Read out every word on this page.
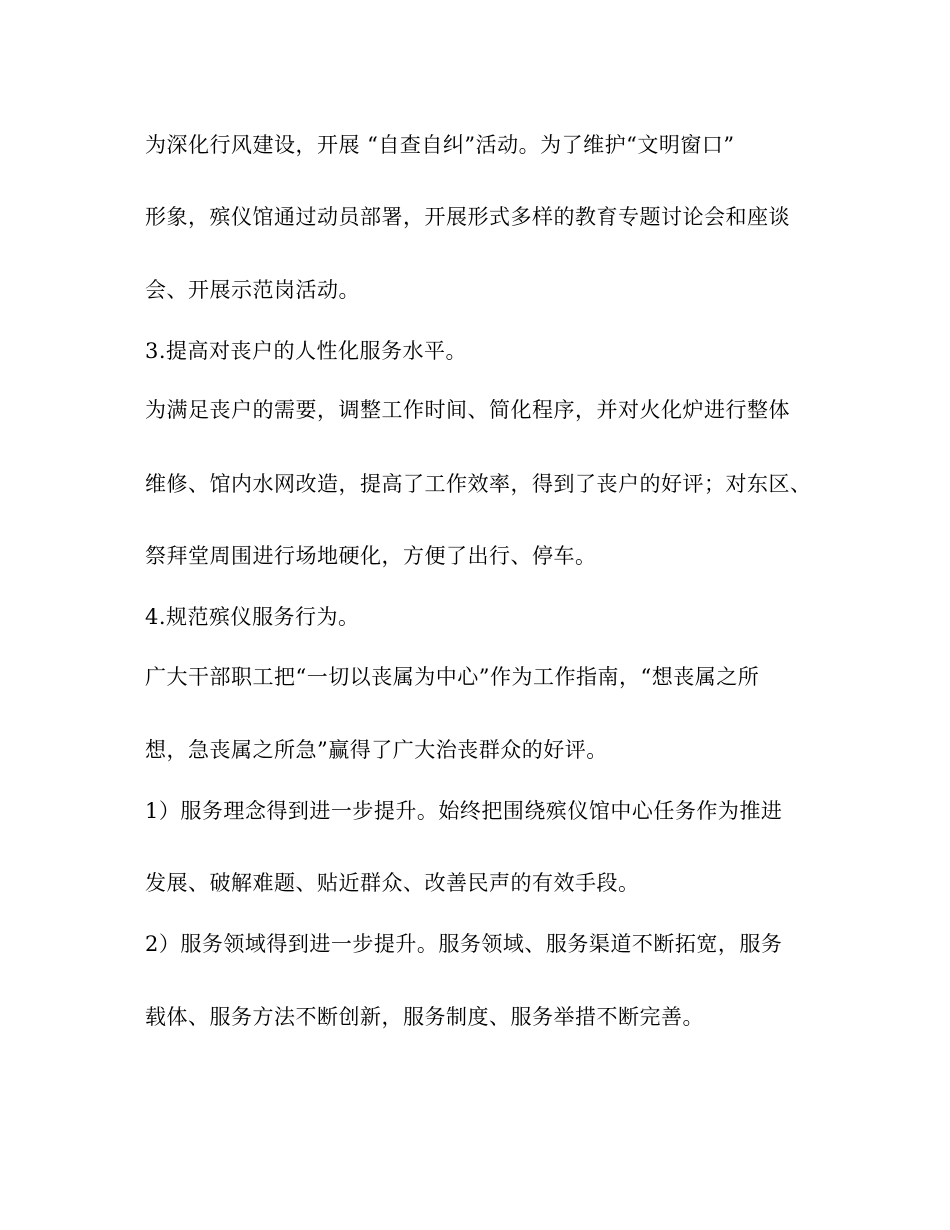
为深化行风建设，开展 “自查自纠”活动。为了维护“文明窗口”
形象，殡仪馆通过动员部署，开展形式多样的教育专题讨论会和座谈
会、开展示范岗活动。
3.提高对丧户的人性化服务水平。
为满足丧户的需要，调整工作时间、简化程序，并对火化炉进行整体
维修、馆内水网改造，提高了工作效率，得到了丧户的好评；对东区、
祭拜堂周围进行场地硬化，方便了出行、停车。
4.规范殡仪服务行为。
广大干部职工把“一切以丧属为中心”作为工作指南，“想丧属之所
想，急丧属之所急”赢得了广大治丧群众的好评。
1）服务理念得到进一步提升。始终把围绕殡仪馆中心任务作为推进
发展、破解难题、贴近群众、改善民声的有效手段。
2）服务领域得到进一步提升。服务领域、服务渠道不断拓宽，服务
载体、服务方法不断创新，服务制度、服务举措不断完善。
